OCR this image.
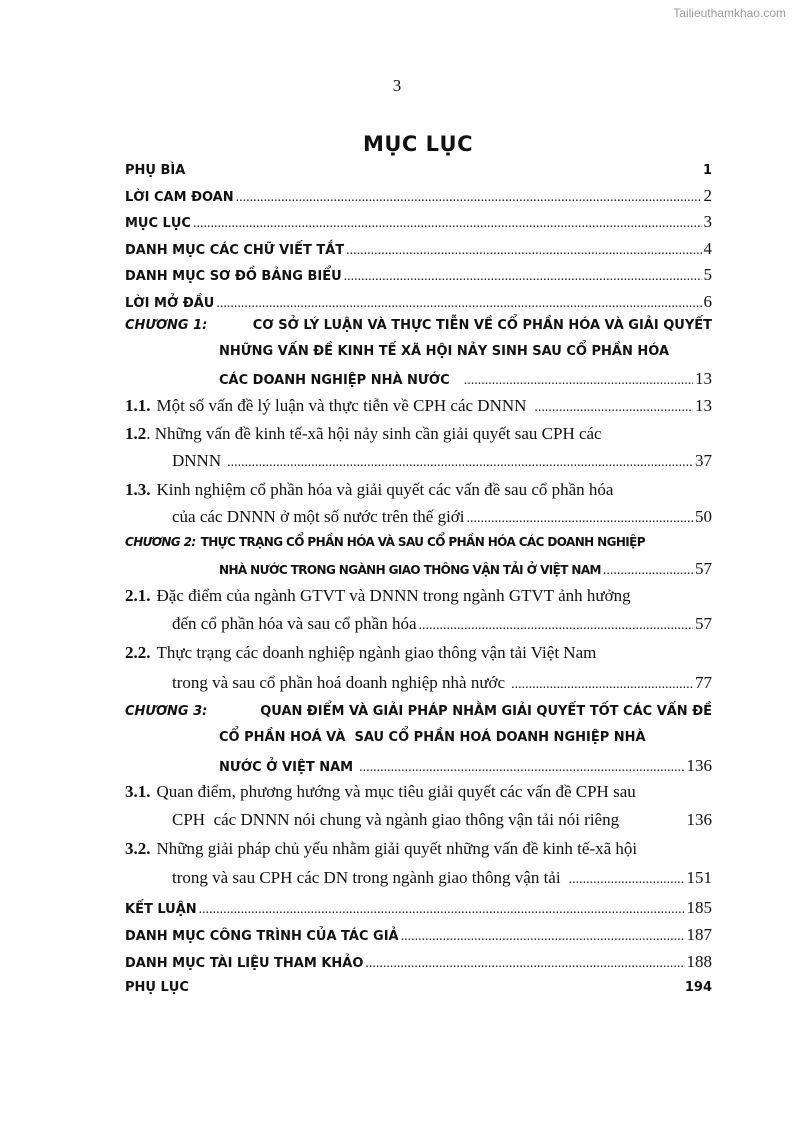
Tailieuthamkhao.com
3
MỤC LỤC
PHỤ BÌA	1
LỜI CAM ĐOAN .....	2
MỤC LỤC .....	3
DANH MỤC CÁC CHỮ VIẾT TẮT .....	4
DANH MỤC SƠ ĐỒ BẢNG BIỂU .....	5
LỜI MỞ ĐẦU .....	6
CHƯƠNG 1:	CƠ SỞ LÝ LUẬN VÀ THỰC TIỄN VỀ CỔ PHẦN HÓA VÀ GIẢI QUYẾT
NHỮNG VẤN ĐỀ KINH TẾ XÃ HỘI NẢY SINH SAU CỔ PHẦN HÓA
CÁC DOANH NGHIỆP NHÀ NƯỚC .....	13
1.1. Một số vấn đề lý luận và thực tiễn về CPH các DNNN .....	13
1.2 . Những vấn đề kinh tế-xã hội nảy sinh cần giải quyết sau CPH các
DNNN .....	37
1.3. Kinh nghiệm cổ phần hóa và giải quyết các vấn đề sau cổ phần hóa
của các DNNN ở một số nước trên thế giới .....	50
CHƯƠNG 2: THỰC TRẠNG CỔ PHẦN HÓA VÀ SAU CỔ PHẦN HÓA CÁC DOANH NGHIỆP
NHÀ NƯỚC TRONG NGÀNH GIAO THÔNG VẬN TẢI Ở VIỆT NAM .....	57
2.1. Đặc điểm của ngành GTVT và DNNN trong ngành GTVT ảnh hưởng
đến cổ phần hóa và sau cổ phần hóa .....	57
2.2. Thực trạng các doanh nghiệp ngành giao thông vận tải Việt Nam
trong và sau cổ phần hoá doanh nghiệp nhà nước .....	77
CHƯƠNG 3:	QUAN ĐIỂM VÀ GIẢI PHÁP NHẰM GIẢI QUYẾT TỐT CÁC VẤN ĐỀ
CỔ PHẦN HOÁ VÀ  SAU CỔ PHẦN HOÁ DOANH NGHIỆP NHÀ
NƯỚC Ở VIỆT NAM .....	136
3.1. Quan điểm, phương hướng và mục tiêu giải quyết các vấn đề CPH sau
CPH  các DNNN nói chung và ngành giao thông vận tải nói riêng	136
3.2. Những giải pháp chủ yếu nhằm giải quyết những vấn đề kinh tế-xã hội
trong và sau CPH các DN trong ngành giao thông vận tải .....	151
KẾT LUẬN .....	185
DANH MỤC CÔNG TRÌNH CỦA TÁC GIẢ .....	187
DANH MỤC TÀI LIỆU THAM KHẢO .....	188
PHỤ LỤC	194
